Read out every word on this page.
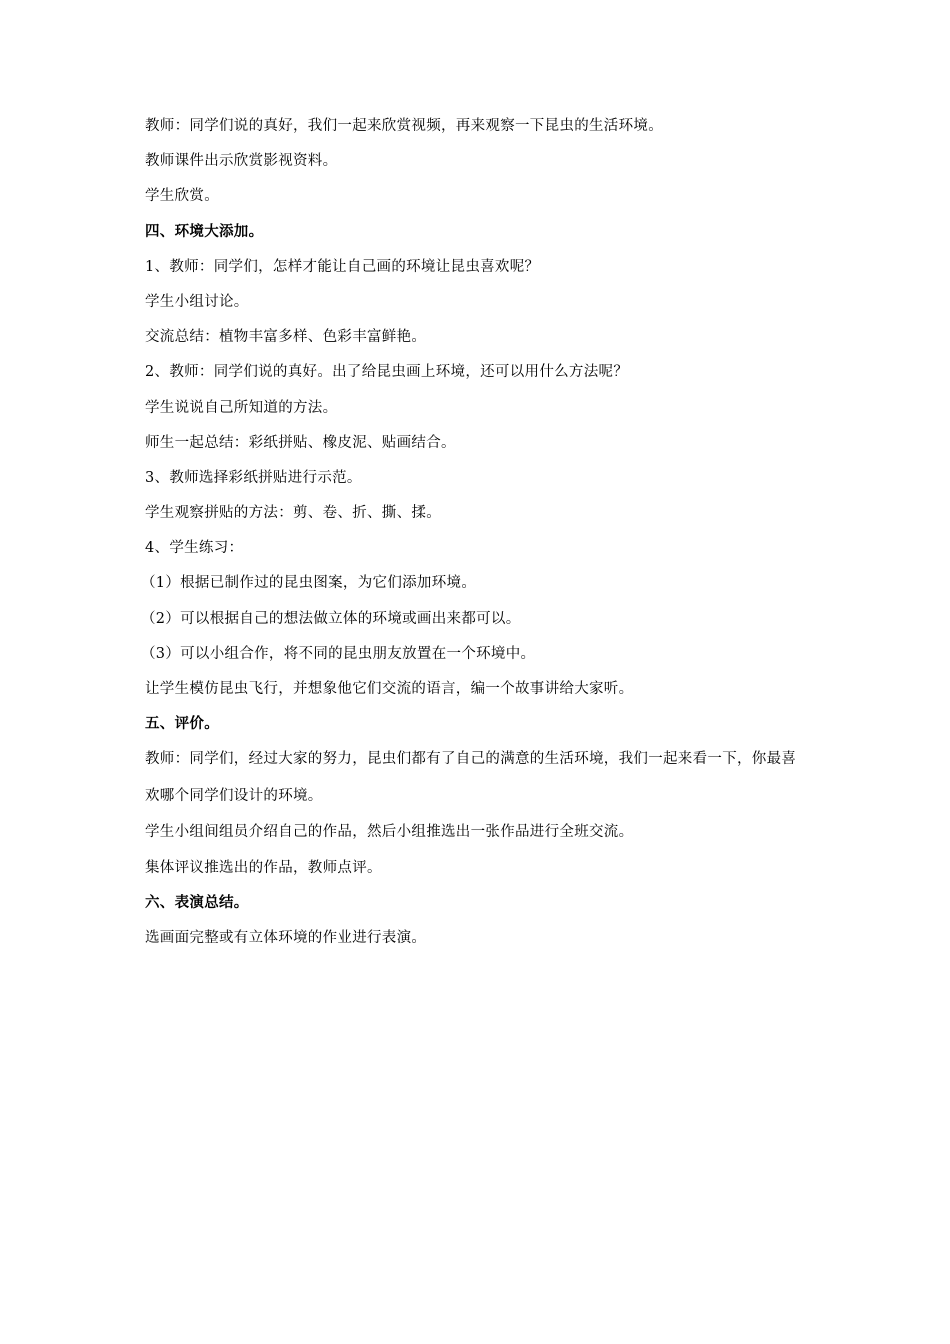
教师：同学们说的真好，我们一起来欣赏视频，再来观察一下昆虫的生活环境。

教师课件出示欣赏影视资料。

学生欣赏。

四、环境大添加。

1、教师：同学们，怎样才能让自己画的环境让昆虫喜欢呢？

学生小组讨论。

交流总结：植物丰富多样、色彩丰富鲜艳。

2、教师：同学们说的真好。出了给昆虫画上环境，还可以用什么方法呢？

学生说说自己所知道的方法。

师生一起总结：彩纸拼贴、橡皮泥、贴画结合。

3、教师选择彩纸拼贴进行示范。

学生观察拼贴的方法：剪、卷、折、撕、揉。

4、学生练习：

（1）根据已制作过的昆虫图案，为它们添加环境。

（2）可以根据自己的想法做立体的环境或画出来都可以。

（3）可以小组合作，将不同的昆虫朋友放置在一个环境中。

让学生模仿昆虫飞行，并想象他它们交流的语言，编一个故事讲给大家听。

五、评价。

教师：同学们，经过大家的努力，昆虫们都有了自己的满意的生活环境，我们一起来看一下，你最喜欢哪个同学们设计的环境。

学生小组间组员介绍自己的作品，然后小组推选出一张作品进行全班交流。

集体评议推选出的作品，教师点评。

六、表演总结。

选画面完整或有立体环境的作业进行表演。
